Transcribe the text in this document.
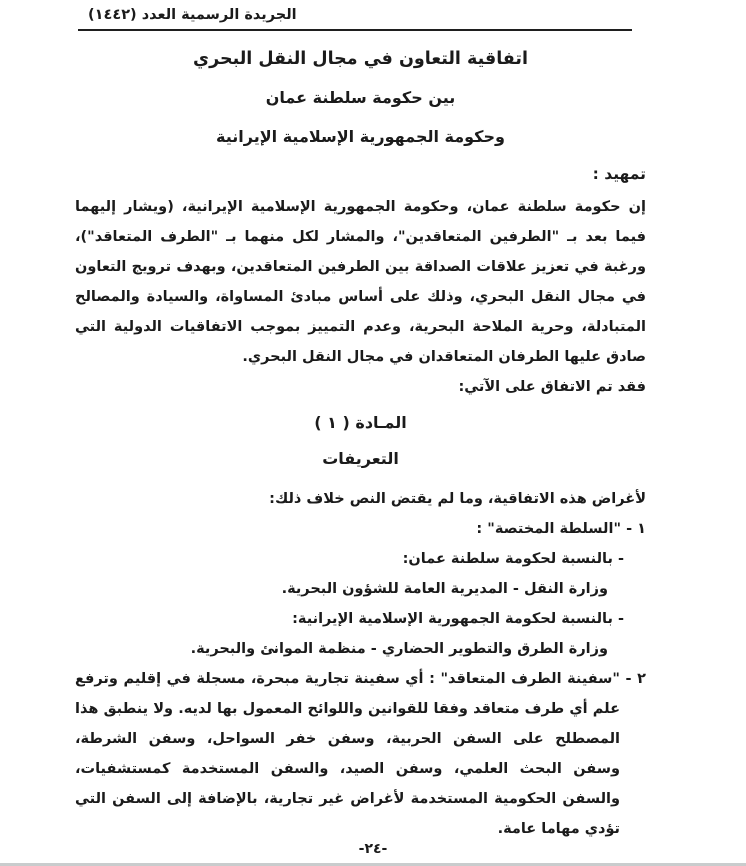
الجريدة الرسمية العدد (١٤٤٢)
اتفاقية التعاون في مجال النقل البحري
بين حكومة سلطنة عمان
وحكومة الجمهورية الإسلامية الإيرانية

تمهيد :

إن حكومة سلطنة عمان، وحكومة الجمهورية الإسلامية الإيرانية، (ويشار إليهما فيما بعد بـ "الطرفين المتعاقدين"، والمشار لكل منهما بـ "الطرف المتعاقد")، ورغبة في تعزيز علاقات الصداقة بين الطرفين المتعاقدين، وبهدف ترويج التعاون في مجال النقل البحري، وذلك على أساس مبادئ المساواة، والسيادة والمصالح المتبادلة، وحرية الملاحة البحرية، وعدم التمييز بموجب الاتفاقيات الدولية التي صادق عليها الطرفان المتعاقدان في مجال النقل البحري.

فقد تم الاتفاق على الآتي:

المـادة ( ١ )
التعريفات

لأغراض هذه الاتفاقية، وما لم يقتض النص خلاف ذلك:

١ - "السلطة المختصة" :

- بالنسبة لحكومة سلطنة عمان:

وزارة النقل - المديرية العامة للشؤون البحرية.

- بالنسبة لحكومة الجمهورية الإسلامية الإيرانية:

وزارة الطرق والتطوير الحضاري - منظمة الموانئ والبحرية.

٢ - "سفينة الطرف المتعاقد" : أي سفينة تجارية مبحرة، مسجلة في إقليم وترفع علم أي طرف متعاقد وفقا للقوانين واللوائح المعمول بها لديه. ولا ينطبق هذا المصطلح على السفن الحربية، وسفن خفر السواحل، وسفن الشرطة، وسفن البحث العلمي، وسفن الصيد، والسفن المستخدمة كمستشفيات، والسفن الحكومية المستخدمة لأغراض غير تجارية، بالإضافة إلى السفن التي تؤدي مهاما عامة.

-٢٤-
